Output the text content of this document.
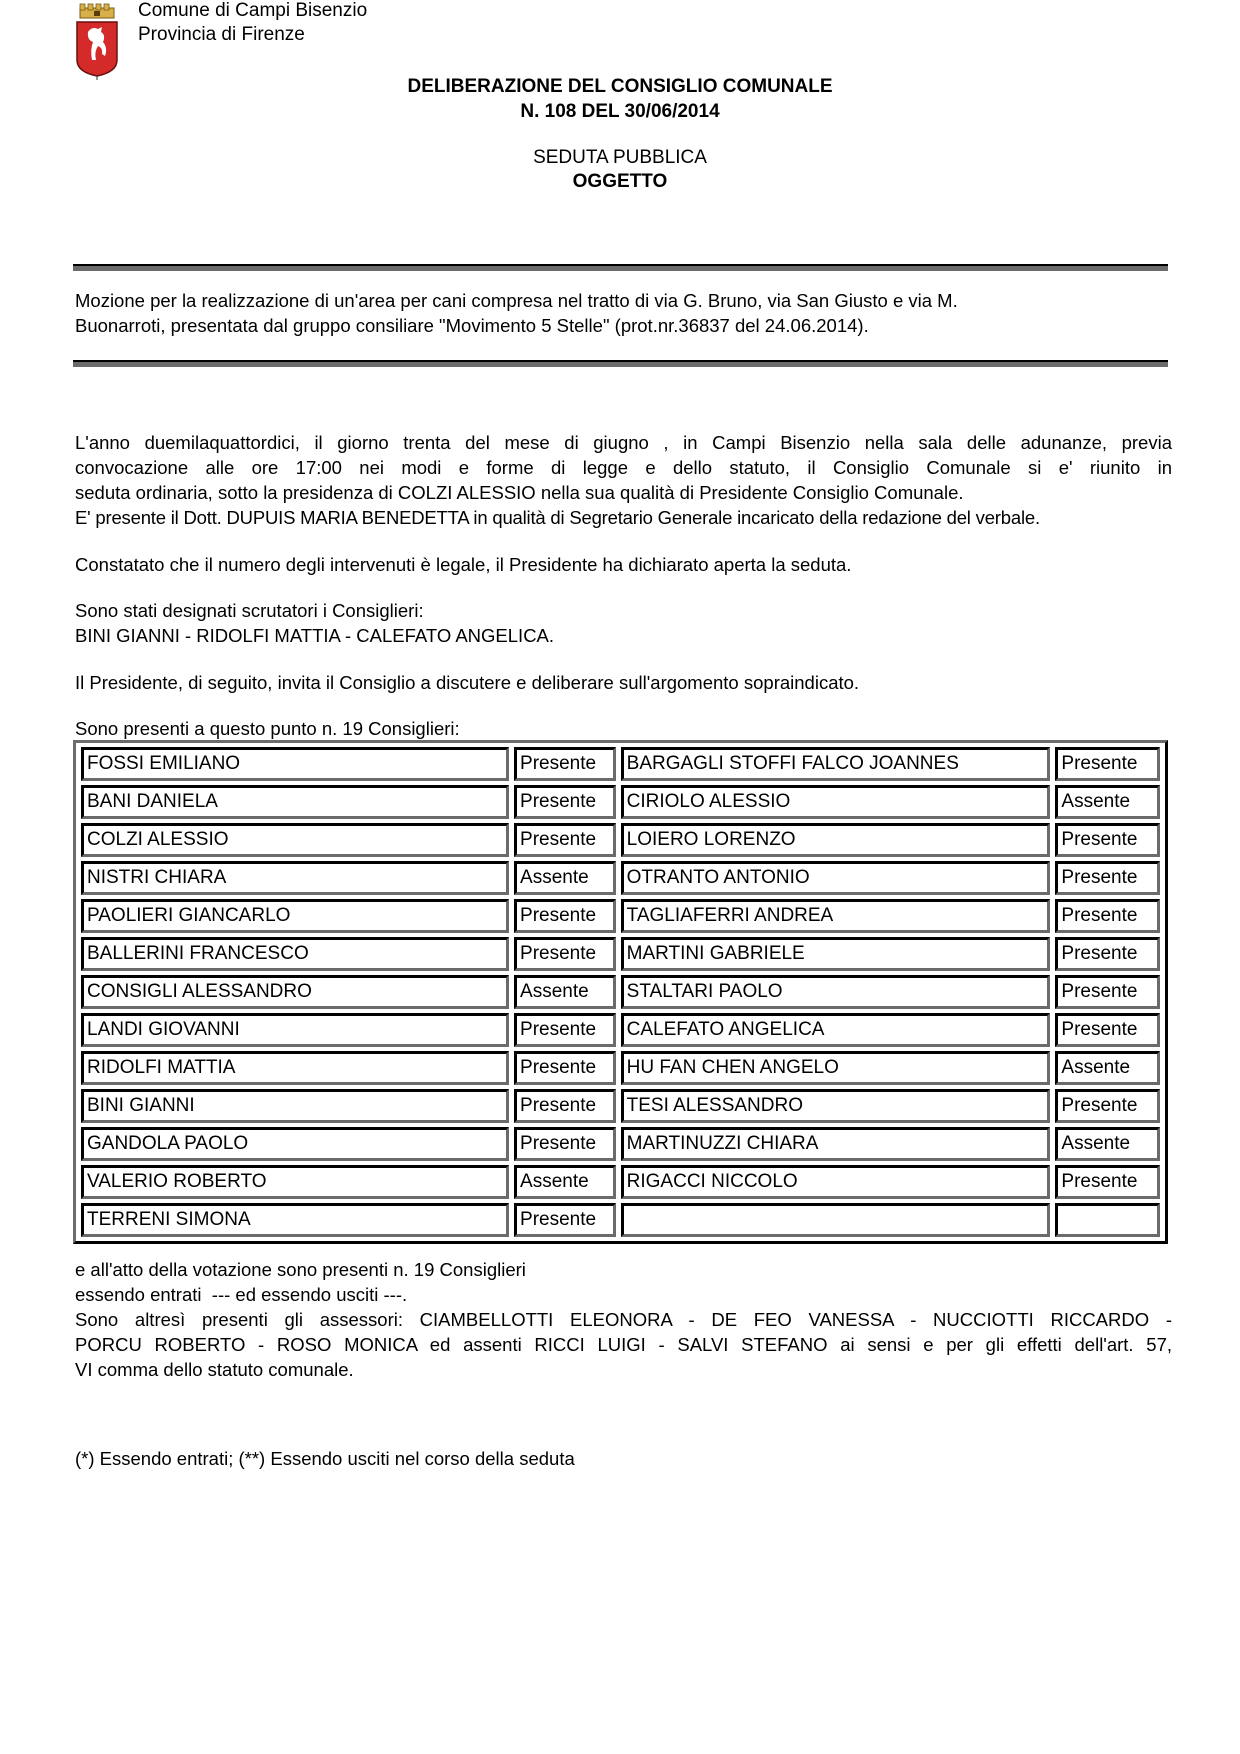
Comune di Campi Bisenzio
Provincia di Firenze
DELIBERAZIONE DEL CONSIGLIO COMUNALE
N. 108 DEL 30/06/2014
SEDUTA PUBBLICA
OGGETTO
Mozione per la realizzazione di un'area per cani compresa nel tratto di via G. Bruno, via San Giusto e via M.
Buonarroti, presentata dal gruppo consiliare "Movimento 5 Stelle" (prot.nr.36837 del 24.06.2014).
L'anno duemilaquattordici, il giorno trenta del mese di giugno , in Campi Bisenzio nella sala delle adunanze, previa
convocazione alle ore 17:00 nei modi e forme di legge e dello statuto, il Consiglio Comunale si e' riunito in
seduta ordinaria, sotto la presidenza di COLZI ALESSIO nella sua qualità di Presidente Consiglio Comunale.
E' presente il Dott. DUPUIS MARIA BENEDETTA in qualità di Segretario Generale incaricato della redazione del verbale.
Constatato che il numero degli intervenuti è legale, il Presidente ha dichiarato aperta la seduta.
Sono stati designati scrutatori i Consiglieri:
BINI GIANNI - RIDOLFI MATTIA - CALEFATO ANGELICA.
Il Presidente, di seguito, invita il Consiglio a discutere e deliberare sull'argomento sopraindicato.
Sono presenti a questo punto n. 19 Consiglieri:
FOSSI EMILIANO	Presente	BARGAGLI STOFFI FALCO JOANNES	Presente
BANI DANIELA	Presente	CIRIOLO ALESSIO	Assente
COLZI ALESSIO	Presente	LOIERO LORENZO	Presente
NISTRI CHIARA	Assente	OTRANTO ANTONIO	Presente
PAOLIERI GIANCARLO	Presente	TAGLIAFERRI ANDREA	Presente
BALLERINI FRANCESCO	Presente	MARTINI GABRIELE	Presente
CONSIGLI ALESSANDRO	Assente	STALTARI PAOLO	Presente
LANDI GIOVANNI	Presente	CALEFATO ANGELICA	Presente
RIDOLFI MATTIA	Presente	HU FAN CHEN ANGELO	Assente
BINI GIANNI	Presente	TESI ALESSANDRO	Presente
GANDOLA PAOLO	Presente	MARTINUZZI CHIARA	Assente
VALERIO ROBERTO	Assente	RIGACCI NICCOLO	Presente
TERRENI SIMONA	Presente		
e all'atto della votazione sono presenti n. 19 Consiglieri
essendo entrati  --- ed essendo usciti ---.
Sono altresì presenti gli assessori: CIAMBELLOTTI ELEONORA - DE FEO VANESSA - NUCCIOTTI RICCARDO -
PORCU ROBERTO - ROSO MONICA ed assenti RICCI LUIGI - SALVI STEFANO ai sensi e per gli effetti dell'art. 57,
VI comma dello statuto comunale.
(*) Essendo entrati; (**) Essendo usciti nel corso della seduta
